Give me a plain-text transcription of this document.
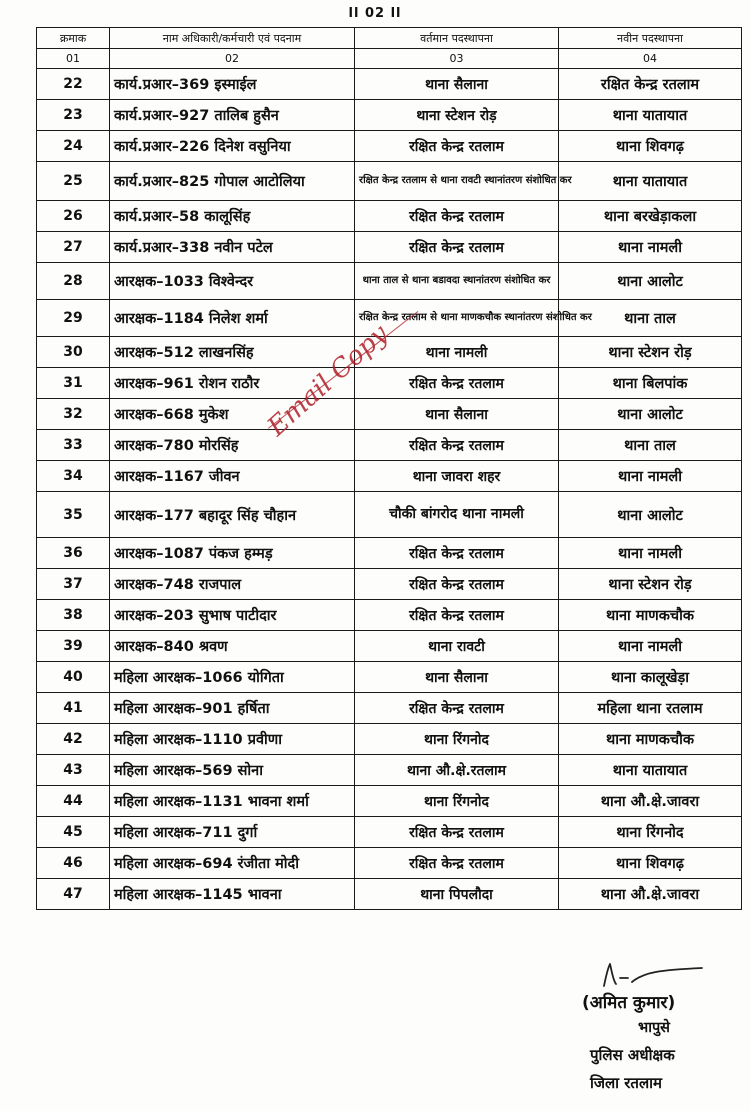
ll 02 ll
क्रमाक	नाम अधिकारी/कर्मचारी एवं पदनाम	वर्तमान पदस्थापना	नवीन पदस्थापना
01	02	03	04
22	कार्य.प्रआर–369 इस्माईल	थाना सैलाना	रक्षित केन्द्र रतलाम
23	कार्य.प्रआर–927 तालिब हुसैन	थाना स्टेशन रोड़	थाना यातायात
24	कार्य.प्रआर–226 दिनेश वसुनिया	रक्षित केन्द्र रतलाम	थाना शिवगढ़
25	कार्य.प्रआर–825 गोपाल आटोलिया	रक्षित केन्द्र रतलाम से थाना रावटी स्थानांतरण संशोधित कर	थाना यातायात
26	कार्य.प्रआर–58 कालूसिंह	रक्षित केन्द्र रतलाम	थाना बरखेड़ाकला
27	कार्य.प्रआर–338 नवीन पटेल	रक्षित केन्द्र रतलाम	थाना नामली
28	आरक्षक–1033 विश्वेन्दर	थाना ताल से थाना बडावदा स्थानांतरण संशोधित कर	थाना आलोट
29	आरक्षक–1184 निलेश शर्मा	रक्षित केन्द्र रतलाम से थाना माणकचौक स्थानांतरण संशोधित कर	थाना ताल
30	आरक्षक–512 लाखनसिंह	थाना नामली	थाना स्टेशन रोड़
31	आरक्षक–961 रोशन राठौर	रक्षित केन्द्र रतलाम	थाना बिलपांक
32	आरक्षक–668 मुकेश	थाना सैलाना	थाना आलोट
33	आरक्षक–780 मोरसिंह	रक्षित केन्द्र रतलाम	थाना ताल
34	आरक्षक–1167 जीवन	थाना जावरा शहर	थाना नामली
35	आरक्षक–177 बहादूर सिंह चौहान	चौकी बांगरोद थाना नामली	थाना आलोट
36	आरक्षक–1087 पंकज हम्मड़	रक्षित केन्द्र रतलाम	थाना नामली
37	आरक्षक–748 राजपाल	रक्षित केन्द्र रतलाम	थाना स्टेशन रोड़
38	आरक्षक–203 सुभाष पाटीदार	रक्षित केन्द्र रतलाम	थाना माणकचौक
39	आरक्षक–840 श्रवण	थाना रावटी	थाना नामली
40	महिला आरक्षक–1066 योगिता	थाना सैलाना	थाना कालूखेड़ा
41	महिला आरक्षक–901 हर्षिता	रक्षित केन्द्र रतलाम	महिला थाना रतलाम
42	महिला आरक्षक–1110 प्रवीणा	थाना रिंगनोद	थाना माणकचौक
43	महिला आरक्षक–569 सोना	थाना औ.क्षे.रतलाम	थाना यातायात
44	महिला आरक्षक–1131 भावना शर्मा	थाना रिंगनोद	थाना औ.क्षे.जावरा
45	महिला आरक्षक–711 दुर्गा	रक्षित केन्द्र रतलाम	थाना रिंगनोद
46	महिला आरक्षक–694 रंजीता मोदी	रक्षित केन्द्र रतलाम	थाना शिवगढ़
47	महिला आरक्षक–1145 भावना	थाना पिपलौदा	थाना औ.क्षे.जावरा
Email Copy
(अमित कुमार)
भापुसे
पुलिस अधीक्षक
जिला रतलाम
